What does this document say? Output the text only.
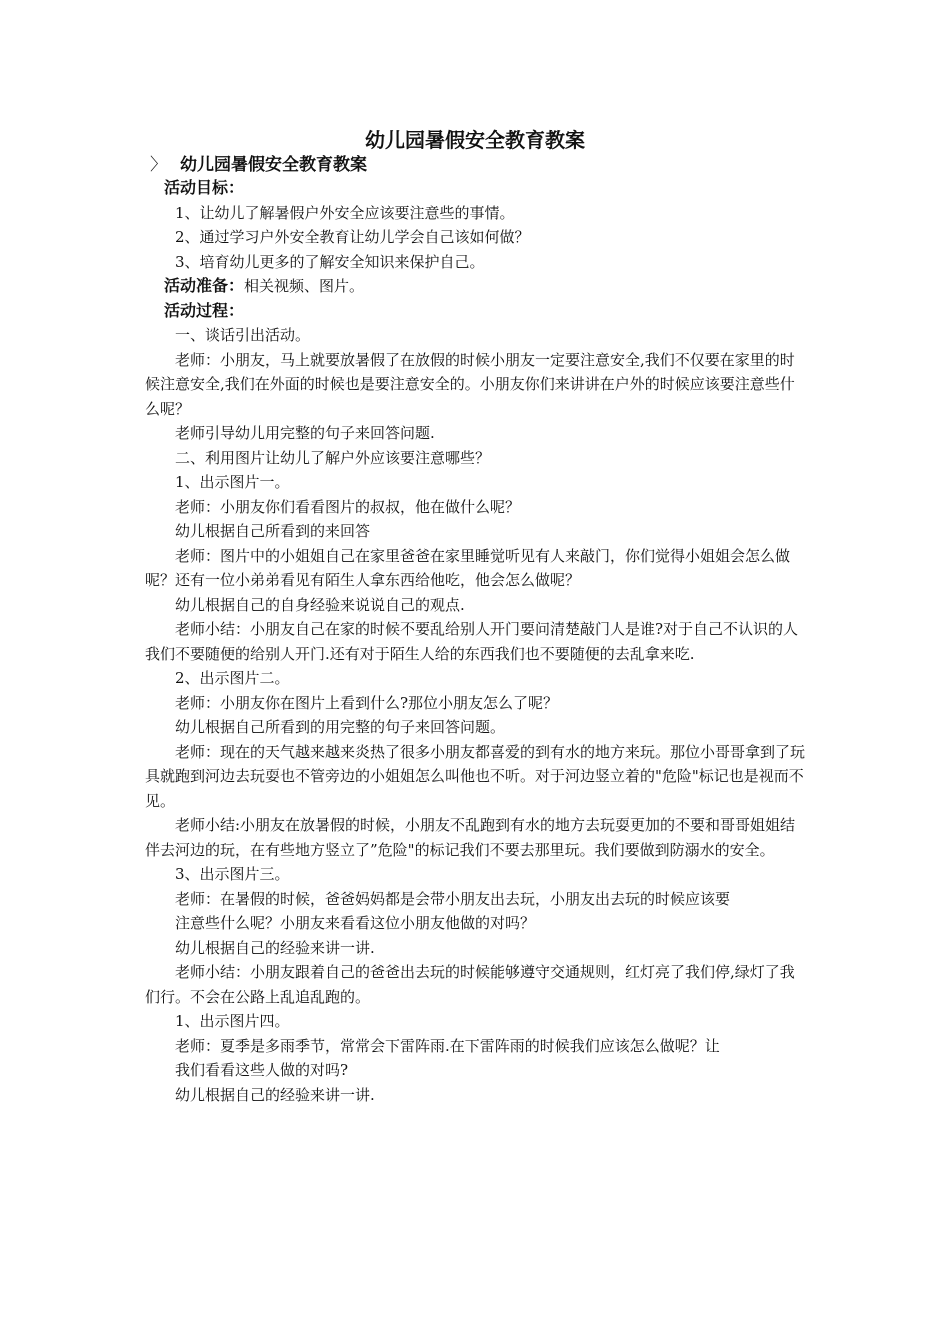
幼儿园暑假安全教育教案
〉 幼儿园暑假安全教育教案

活动目标：

1、让幼儿了解暑假户外安全应该要注意些的事情。

2、通过学习户外安全教育让幼儿学会自己该如何做？

3、培育幼儿更多的了解安全知识来保护自己。

活动准备：相关视频、图片。

活动过程：

一、谈话引出活动。

老师：小朋友，马上就要放暑假了在放假的时候小朋友一定要注意安全,我们不仅要在家里的时候注意安全,我们在外面的时候也是要注意安全的。小朋友你们来讲讲在户外的时候应该要注意些什么呢？

老师引导幼儿用完整的句子来回答问题.

二、利用图片让幼儿了解户外应该要注意哪些？

1、出示图片一。

老师：小朋友你们看看图片的叔叔，他在做什么呢？

幼儿根据自己所看到的来回答

老师：图片中的小姐姐自己在家里爸爸在家里睡觉听见有人来敲门，你们觉得小姐姐会怎么做呢？还有一位小弟弟看见有陌生人拿东西给他吃，他会怎么做呢？

幼儿根据自己的自身经验来说说自己的观点.

老师小结：小朋友自己在家的时候不要乱给别人开门要问清楚敲门人是谁?对于自己不认识的人我们不要随便的给别人开门.还有对于陌生人给的东西我们也不要随便的去乱拿来吃.

2、出示图片二。

老师：小朋友你在图片上看到什么?那位小朋友怎么了呢？

幼儿根据自己所看到的用完整的句子来回答问题。

老师：现在的天气越来越来炎热了很多小朋友都喜爱的到有水的地方来玩。那位小哥哥拿到了玩具就跑到河边去玩耍也不管旁边的小姐姐怎么叫他也不听。对于河边竖立着的"危险"标记也是视而不见。

老师小结:小朋友在放暑假的时候，小朋友不乱跑到有水的地方去玩耍更加的不要和哥哥姐姐结伴去河边的玩，在有些地方竖立了”危险"的标记我们不要去那里玩。我们要做到防溺水的安全。

3、出示图片三。

老师：在暑假的时候，爸爸妈妈都是会带小朋友出去玩，小朋友出去玩的时候应该要

注意些什么呢？小朋友来看看这位小朋友他做的对吗？

幼儿根据自己的经验来讲一讲.

老师小结：小朋友跟着自己的爸爸出去玩的时候能够遵守交通规则，红灯亮了我们停,绿灯了我们行。不会在公路上乱追乱跑的。

1、出示图片四。

老师：夏季是多雨季节，常常会下雷阵雨.在下雷阵雨的时候我们应该怎么做呢？让

我们看看这些人做的对吗?

幼儿根据自己的经验来讲一讲.
